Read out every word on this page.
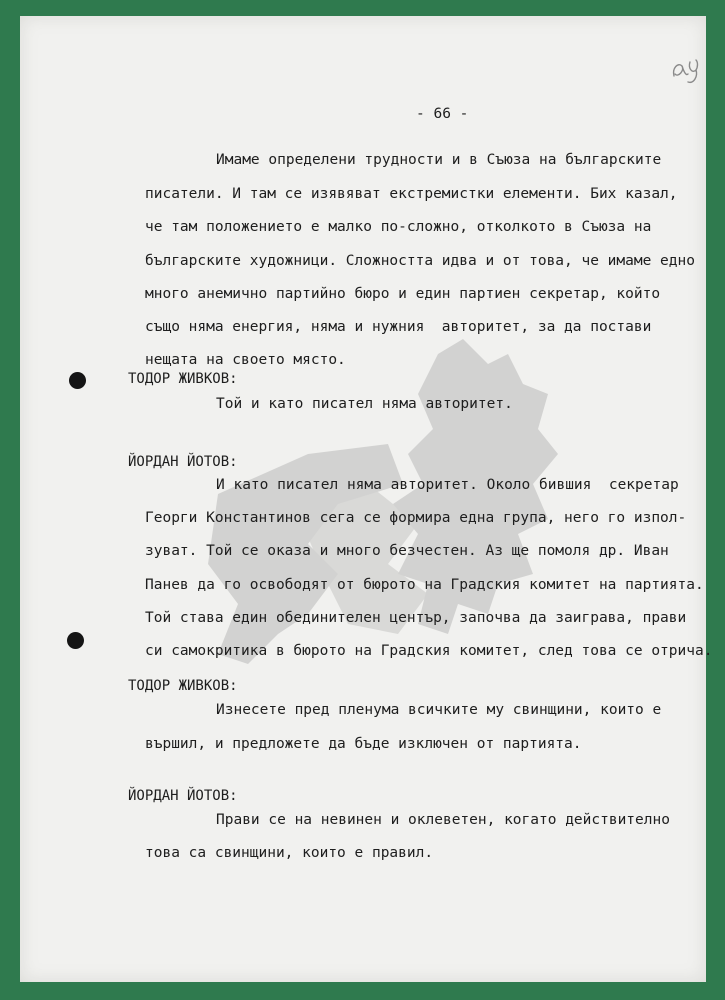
- 66 -
Имаме определени трудности и в Съюза на българските
писатели. И там се изявяват екстремистки елементи. Бих казал,
че там положението е малко по-сложно, отколкото в Съюза на
българските художници. Сложността идва и от това, че имаме едно
много анемично партийно бюро и един партиен секретар, който
също няма енергия, няма и нужния  авторитет, за да постави
нещата на своето място.
ТОДОР ЖИВКОВ:
Той и като писател няма авторитет.
ЙОРДАН ЙОТОВ:
И като писател няма авторитет. Около бившия  секретар
Георги Константинов сега се формира една група, него го изпол-
зуват. Той се оказа и много безчестен. Аз ще помоля др. Иван
Панев да го освободят от бюрото на Градския комитет на партията.
Той става един обединителен център, започва да заиграва, прави
си самокритика в бюрото на Градския комитет, след това се отрича.
ТОДОР ЖИВКОВ:
Изнесете пред пленума всичките му свинщини, които е
вършил, и предложете да бъде изключен от партията.
ЙОРДАН ЙОТОВ:
Прави се на невинен и оклеветен, когато действително
това са свинщини, които е правил.
